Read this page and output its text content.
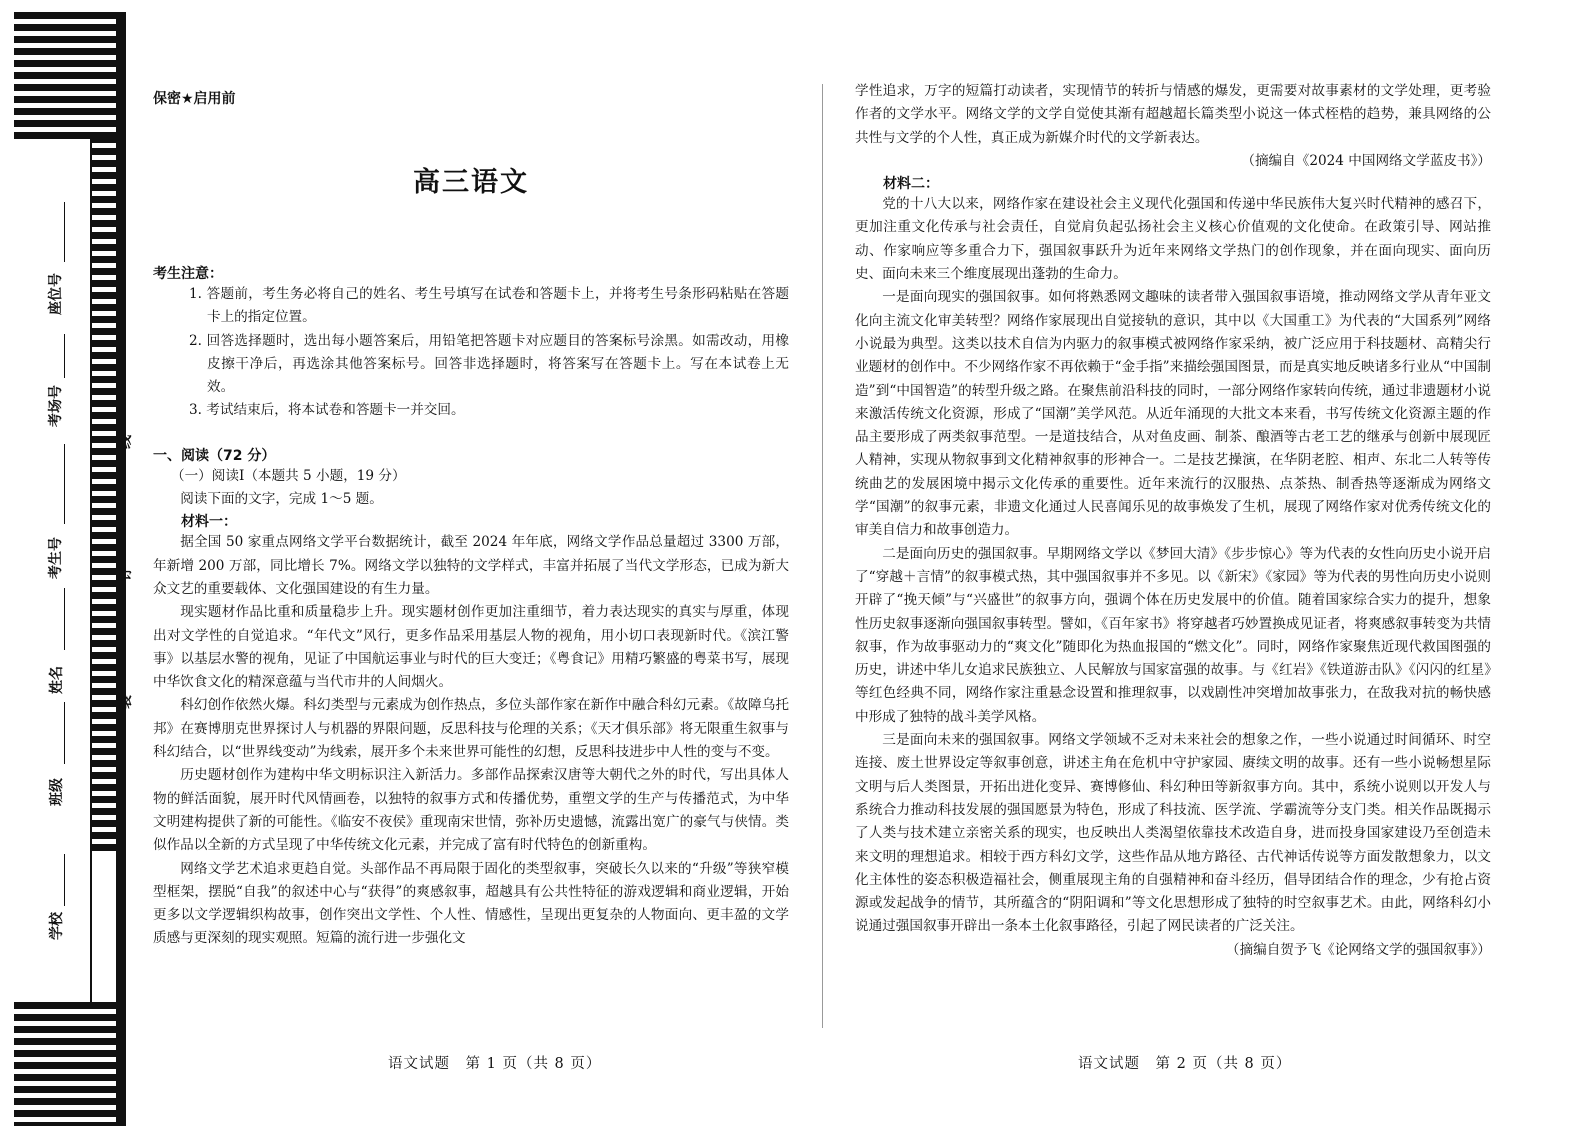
学校
班级
姓名
考生号
考场号
座位号
线
订
装
保密★启用前
高三语文
考生注意：

1. 答题前，考生务必将自己的姓名、考生号填写在试卷和答题卡上，并将考生号条形码粘贴在答题卡上的指定位置。

2. 回答选择题时，选出每小题答案后，用铅笔把答题卡对应题目的答案标号涂黑。如需改动，用橡皮擦干净后，再选涂其他答案标号。回答非选择题时，将答案写在答题卡上。写在本试卷上无效。

3. 考试结束后，将本试卷和答题卡一并交回。

一、阅读（72 分）

（一）阅读Ⅰ（本题共 5 小题，19 分）

阅读下面的文字，完成 1～5 题。

材料一：

据全国 50 家重点网络文学平台数据统计，截至 2024 年年底，网络文学作品总量超过 3300 万部，年新增 200 万部，同比增长 7%。网络文学以独特的文学样式，丰富并拓展了当代文学形态，已成为新大众文艺的重要载体、文化强国建设的有生力量。

现实题材作品比重和质量稳步上升。现实题材创作更加注重细节，着力表达现实的真实与厚重，体现出对文学性的自觉追求。“年代文”风行，更多作品采用基层人物的视角，用小切口表现新时代。《滨江警事》以基层水警的视角，见证了中国航运事业与时代的巨大变迁；《粤食记》用精巧繁盛的粤菜书写，展现中华饮食文化的精深意蕴与当代市井的人间烟火。

科幻创作依然火爆。科幻类型与元素成为创作热点，多位头部作家在新作中融合科幻元素。《故障乌托邦》在赛博朋克世界探讨人与机器的界限问题，反思科技与伦理的关系；《天才俱乐部》将无限重生叙事与科幻结合，以“世界线变动”为线索，展开多个未来世界可能性的幻想，反思科技进步中人性的变与不变。

历史题材创作为建构中华文明标识注入新活力。多部作品探索汉唐等大朝代之外的时代，写出具体人物的鲜活面貌，展开时代风情画卷，以独特的叙事方式和传播优势，重塑文学的生产与传播范式，为中华文明建构提供了新的可能性。《临安不夜侯》重现南宋世情，弥补历史遗憾，流露出宽广的豪气与侠情。类似作品以全新的方式呈现了中华传统文化元素，并完成了富有时代特色的创新重构。

网络文学艺术追求更趋自觉。头部作品不再局限于固化的类型叙事，突破长久以来的“升级”等狭窄模型框架，摆脱“自我”的叙述中心与“获得”的爽感叙事，超越具有公共性特征的游戏逻辑和商业逻辑，开始更多以文学逻辑织构故事，创作突出文学性、个人性、情感性，呈现出更复杂的人物面向、更丰盈的文学质感与更深刻的现实观照。短篇的流行进一步强化文

语文试题　第 1 页（共 8 页）

学性追求，万字的短篇打动读者，实现情节的转折与情感的爆发，更需要对故事素材的文学处理，更考验作者的文学水平。网络文学的文学自觉使其渐有超越超长篇类型小说这一体式桎梏的趋势，兼具网络的公共性与文学的个人性，真正成为新媒介时代的文学新表达。

（摘编自《2024 中国网络文学蓝皮书》）

材料二：

党的十八大以来，网络作家在建设社会主义现代化强国和传递中华民族伟大复兴时代精神的感召下，更加注重文化传承与社会责任，自觉肩负起弘扬社会主义核心价值观的文化使命。在政策引导、网站推动、作家响应等多重合力下，强国叙事跃升为近年来网络文学热门的创作现象，并在面向现实、面向历史、面向未来三个维度展现出蓬勃的生命力。

一是面向现实的强国叙事。如何将熟悉网文趣味的读者带入强国叙事语境，推动网络文学从青年亚文化向主流文化审美转型？网络作家展现出自觉接轨的意识，其中以《大国重工》为代表的“大国系列”网络小说最为典型。这类以技术自信为内驱力的叙事模式被网络作家采纳，被广泛应用于科技题材、高精尖行业题材的创作中。不少网络作家不再依赖于“金手指”来描绘强国图景，而是真实地反映诸多行业从“中国制造”到“中国智造”的转型升级之路。在聚焦前沿科技的同时，一部分网络作家转向传统，通过非遗题材小说来激活传统文化资源，形成了“国潮”美学风范。从近年涌现的大批文本来看，书写传统文化资源主题的作品主要形成了两类叙事范型。一是道技结合，从对鱼皮画、制茶、酿酒等古老工艺的继承与创新中展现匠人精神，实现从物叙事到文化精神叙事的形神合一。二是技艺操演，在华阴老腔、相声、东北二人转等传统曲艺的发展困境中揭示文化传承的重要性。近年来流行的汉服热、点茶热、制香热等逐渐成为网络文学“国潮”的叙事元素，非遗文化通过人民喜闻乐见的故事焕发了生机，展现了网络作家对优秀传统文化的审美自信力和故事创造力。

二是面向历史的强国叙事。早期网络文学以《梦回大清》《步步惊心》等为代表的女性向历史小说开启了“穿越＋言情”的叙事模式热，其中强国叙事并不多见。以《新宋》《家园》等为代表的男性向历史小说则开辟了“挽天倾”与“兴盛世”的叙事方向，强调个体在历史发展中的价值。随着国家综合实力的提升，想象性历史叙事逐渐向强国叙事转型。譬如，《百年家书》将穿越者巧妙置换成见证者，将爽感叙事转变为共情叙事，作为故事驱动力的“爽文化”随即化为热血报国的“燃文化”。同时，网络作家聚焦近现代救国图强的历史，讲述中华儿女追求民族独立、人民解放与国家富强的故事。与《红岩》《铁道游击队》《闪闪的红星》等红色经典不同，网络作家注重悬念设置和推理叙事，以戏剧性冲突增加故事张力，在敌我对抗的畅快感中形成了独特的战斗美学风格。

三是面向未来的强国叙事。网络文学领域不乏对未来社会的想象之作，一些小说通过时间循环、时空连接、废土世界设定等叙事创意，讲述主角在危机中守护家园、赓续文明的故事。还有一些小说畅想星际文明与后人类图景，开拓出进化变异、赛博修仙、科幻种田等新叙事方向。其中，系统小说则以开发人与系统合力推动科技发展的强国愿景为特色，形成了科技流、医学流、学霸流等分支门类。相关作品既揭示了人类与技术建立亲密关系的现实，也反映出人类渴望依靠技术改造自身，进而投身国家建设乃至创造未来文明的理想追求。相较于西方科幻文学，这些作品从地方路径、古代神话传说等方面发散想象力，以文化主体性的姿态积极造福社会，侧重展现主角的自强精神和奋斗经历，倡导团结合作的理念，少有抢占资源或发起战争的情节，其所蕴含的“阴阳调和”等文化思想形成了独特的时空叙事艺术。由此，网络科幻小说通过强国叙事开辟出一条本土化叙事路径，引起了网民读者的广泛关注。

（摘编自贺予飞《论网络文学的强国叙事》）

语文试题　第 2 页（共 8 页）
